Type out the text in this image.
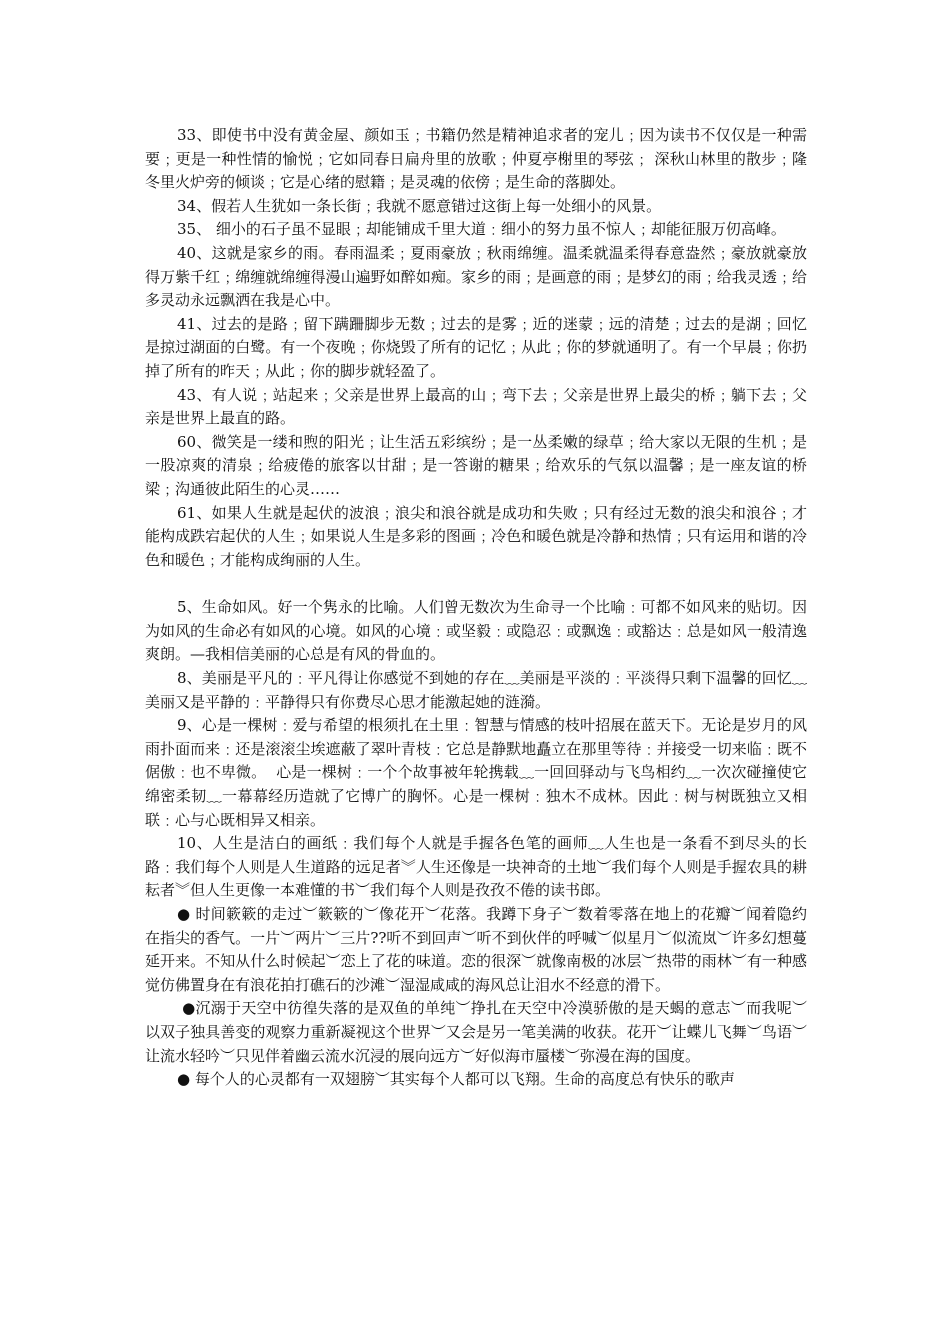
33、即使书中没有黄金屋、颜如玉﹔书籍仍然是精神追求者的宠儿﹔因为读书不仅仅是一种需要﹔更是一种性情的愉悦﹔它如同春日扁舟里的放歌﹔仲夏亭榭里的琴弦﹔ 深秋山林里的散步﹔隆冬里火炉旁的倾谈﹔它是心绪的慰籍﹔是灵魂的依傍﹔是生命的落脚处。

34、假若人生犹如一条长街﹔我就不愿意错过这街上每一处细小的风景。

35、 细小的石子虽不显眼﹔却能铺成千里大道﹕细小的努力虽不惊人﹔却能征服万仞高峰。

40、这就是家乡的雨。春雨温柔﹔夏雨豪放﹔秋雨绵缠。温柔就温柔得春意盎然﹔豪放就豪放得万紫千红﹔绵缠就绵缠得漫山遍野如醉如痴。家乡的雨﹔是画意的雨﹔是梦幻的雨﹔给我灵透﹔给多灵动永远飘洒在我是心中。

41、过去的是路﹔留下蹒跚脚步无数﹔过去的是雾﹔近的迷蒙﹔远的清楚﹔过去的是湖﹔回忆是掠过湖面的白鹭。有一个夜晚﹔你烧毁了所有的记忆﹔从此﹔你的梦就通明了。有一个早晨﹔你扔掉了所有的昨天﹔从此﹔你的脚步就轻盈了。

43、有人说﹔站起来﹔父亲是世界上最高的山﹔弯下去﹔父亲是世界上最尖的桥﹔躺下去﹔父亲是世界上最直的路。

60、微笑是一缕和煦的阳光﹔让生活五彩缤纷﹔是一丛柔嫩的绿草﹔给大家以无限的生机﹔是一股凉爽的清泉﹔给疲倦的旅客以甘甜﹔是一答谢的糖果﹔给欢乐的气氛以温馨﹔是一座友谊的桥梁﹔沟通彼此陌生的心灵……

61、如果人生就是起伏的波浪﹔浪尖和浪谷就是成功和失败﹔只有经过无数的浪尖和浪谷﹔才能构成跌宕起伏的人生﹔如果说人生是多彩的图画﹔冷色和暖色就是冷静和热情﹔只有运用和谐的冷色和暖色﹔才能构成绚丽的人生。

5、生命如风。好一个隽永的比喻。人们曾无数次为生命寻一个比喻﹕可都不如风来的贴切。因为如风的生命必有如风的心境。如风的心境﹕或坚毅﹕或隐忍﹕或飘逸﹕或豁达﹕总是如风一般清逸爽朗。—我相信美丽的心总是有风的骨血的。

8、美丽是平凡的﹕平凡得让你感觉不到她的存在﹏美丽是平淡的﹕平淡得只剩下温馨的回忆﹏美丽又是平静的﹕平静得只有你费尽心思才能激起她的涟漪。

9、心是一棵树﹕爱与希望的根须扎在土里﹕智慧与情感的枝叶招展在蓝天下。无论是岁月的风雨扑面而来﹕还是滚滚尘埃遮蔽了翠叶青枝﹕它总是静默地矗立在那里等待﹕并接受一切来临﹕既不倨傲﹕也不卑微。  心是一棵树﹕一个个故事被年轮携载﹏一回回驿动与飞鸟相约﹏一次次碰撞使它绵密柔韧﹏一幕幕经历造就了它博广的胸怀。心是一棵树﹕独木不成林。因此﹕树与树既独立又相联﹕心与心既相异又相亲。

10、人生是洁白的画纸﹕我们每个人就是手握各色笔的画师﹏人生也是一条看不到尽头的长路﹕我们每个人则是人生道路的远足者︾人生还像是一块神奇的土地︶我们每个人则是手握农具的耕耘者︾但人生更像一本难懂的书︶我们每个人则是孜孜不倦的读书郎。

● 时间簌簌的走过︶簌簌的︶像花开︶花落。我蹲下身子︶数着零落在地上的花瓣︶闻着隐约在指尖的香气。一片︶两片︶三片??听不到回声︶听不到伙伴的呼喊︶似星月︶似流岚︶许多幻想蔓延开来。不知从什么时候起︶恋上了花的味道。恋的很深︶就像南极的冰层︶热带的雨林︶有一种感觉仿佛置身在有浪花拍打礁石的沙滩︶湿湿咸咸的海风总让泪水不经意的滑下。

●沉溺于天空中彷徨失落的是双鱼的单纯︶挣扎在天空中冷漠骄傲的是天蝎的意志︶而我呢︶以双子独具善变的观察力重新凝视这个世界︶又会是另一笔美满的收获。花开︶让蝶儿飞舞︶鸟语︶让流水轻吟︶只见伴着幽云流水沉浸的展向远方︶好似海市蜃楼︶弥漫在海的国度。

● 每个人的心灵都有一双翅膀︶其实每个人都可以飞翔。生命的高度总有快乐的歌声
